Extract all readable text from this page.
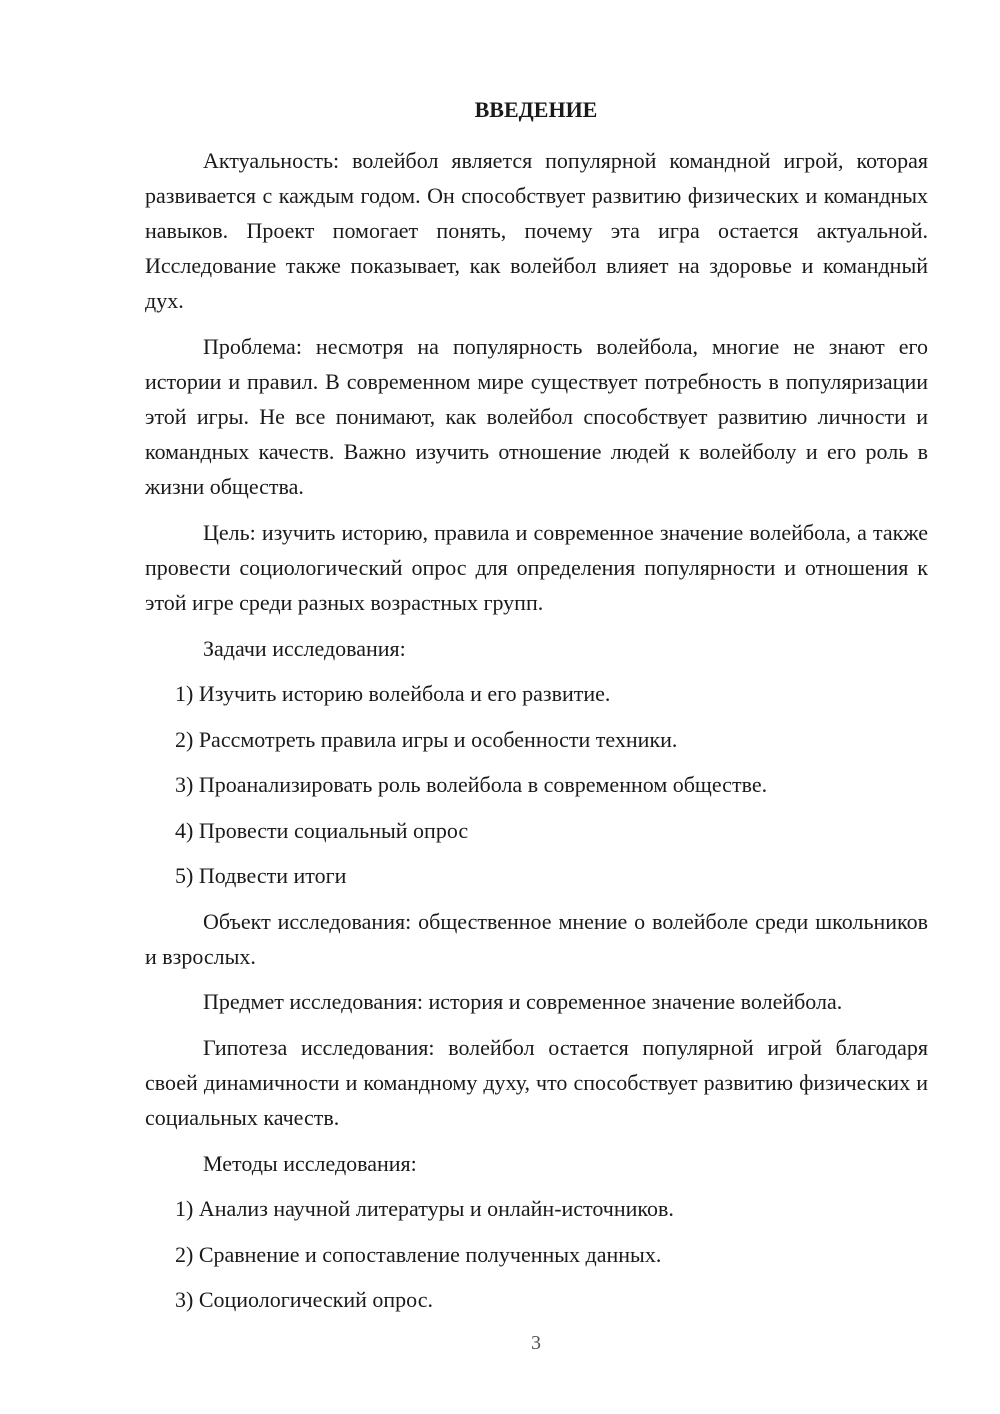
ВВЕДЕНИЕ

Актуальность: волейбол является популярной командной игрой, которая развивается с каждым годом. Он способствует развитию физических и командных навыков. Проект помогает понять, почему эта игра остается актуальной. Исследование также показывает, как волейбол влияет на здоровье и командный дух.

Проблема: несмотря на популярность волейбола, многие не знают его истории и правил. В современном мире существует потребность в популяризации этой игры. Не все понимают, как волейбол способствует развитию личности и командных качеств. Важно изучить отношение людей к волейболу и его роль в жизни общества.

Цель: изучить историю, правила и современное значение волейбола, а также провести социологический опрос для определения популярности и отношения к этой игре среди разных возрастных групп.

Задачи исследования:

1) Изучить историю волейбола и его развитие.

2) Рассмотреть правила игры и особенности техники.

3) Проанализировать роль волейбола в современном обществе.

4) Провести социальный опрос

5) Подвести итоги

Объект исследования: общественное мнение о волейболе среди школьников и взрослых.

Предмет исследования: история и современное значение волейбола.

Гипотеза исследования: волейбол остается популярной игрой благодаря своей динамичности и командному духу, что способствует развитию физических и социальных качеств.

Методы исследования:

1) Анализ научной литературы и онлайн-источников.

2) Сравнение и сопоставление полученных данных.

3) Социологический опрос.

3
